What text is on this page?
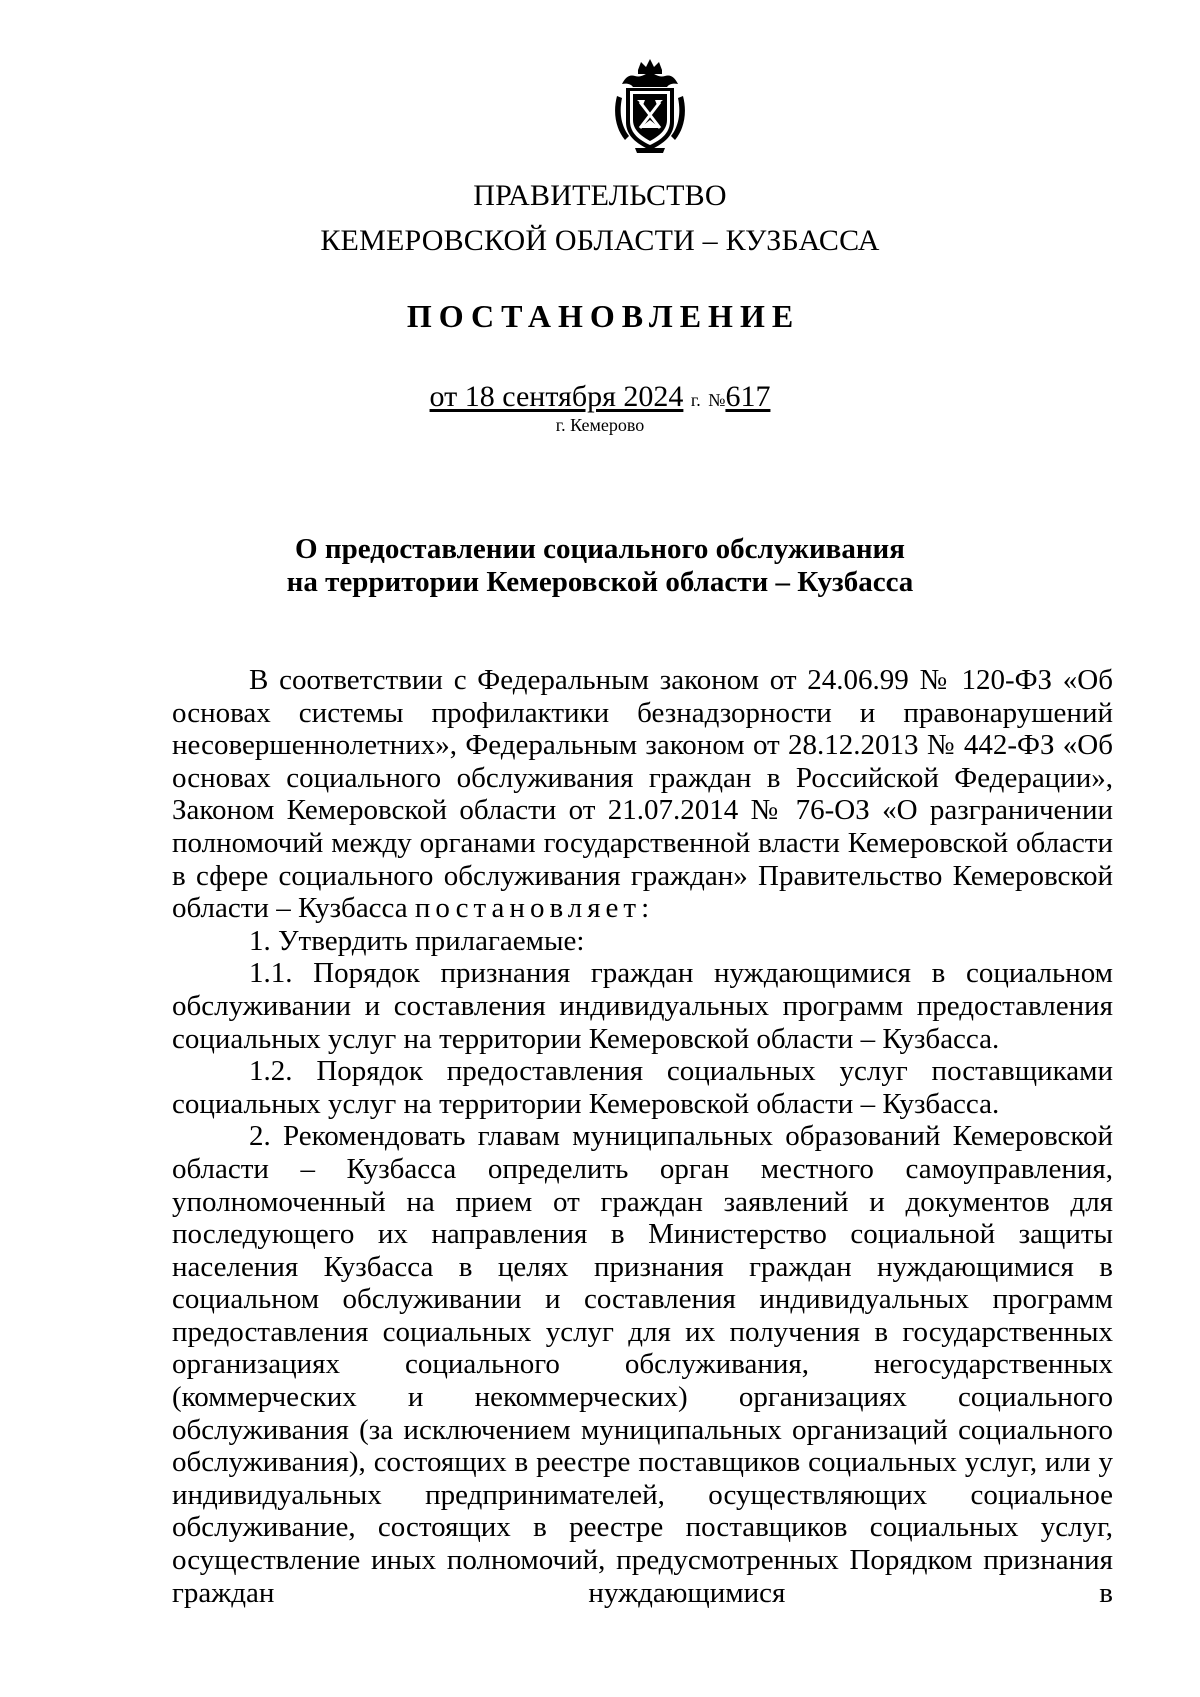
ПРАВИТЕЛЬСТВО
КЕМЕРОВСКОЙ ОБЛАСТИ – КУЗБАССА
ПОСТАНОВЛЕНИЕ
от 18 сентября 2024 г. №617
г. Кемерово
О предоставлении социального обслуживания
на территории Кемеровской области – Кузбасса

В соответствии с Федеральным законом от 24.06.99 № 120-ФЗ «Об основах системы профилактики безнадзорности и правонарушений несовершеннолетних», Федеральным законом от 28.12.2013 № 442-ФЗ «Об основах социального обслуживания граждан в Российской Федерации», Законом Кемеровской области от 21.07.2014 № 76-ОЗ «О разграничении полномочий между органами государственной власти Кемеровской области в сфере социального обслуживания граждан» Правительство Кемеровской области – Кузбасса постановляет:

1. Утвердить прилагаемые:

1.1. Порядок признания граждан нуждающимися в социальном обслуживании и составления индивидуальных программ предоставления социальных услуг на территории Кемеровской области – Кузбасса.

1.2. Порядок предоставления социальных услуг поставщиками социальных услуг на территории Кемеровской области – Кузбасса.

2. Рекомендовать главам муниципальных образований Кемеровской области – Кузбасса определить орган местного самоуправления, уполномоченный на прием от граждан заявлений и документов для последующего их направления в Министерство социальной защиты населения Кузбасса в целях признания граждан нуждающимися в социальном обслуживании и составления индивидуальных программ предоставления социальных услуг для их получения в государственных организациях социального обслуживания, негосударственных (коммерческих и некоммерческих) организациях социального обслуживания (за исключением муниципальных организаций социального обслуживания), состоящих в реестре поставщиков социальных услуг, или у индивидуальных предпринимателей, осуществляющих социальное обслуживание, состоящих в реестре поставщиков социальных услуг, осуществление иных полномочий, предусмотренных Порядком признания граждан нуждающимися в
